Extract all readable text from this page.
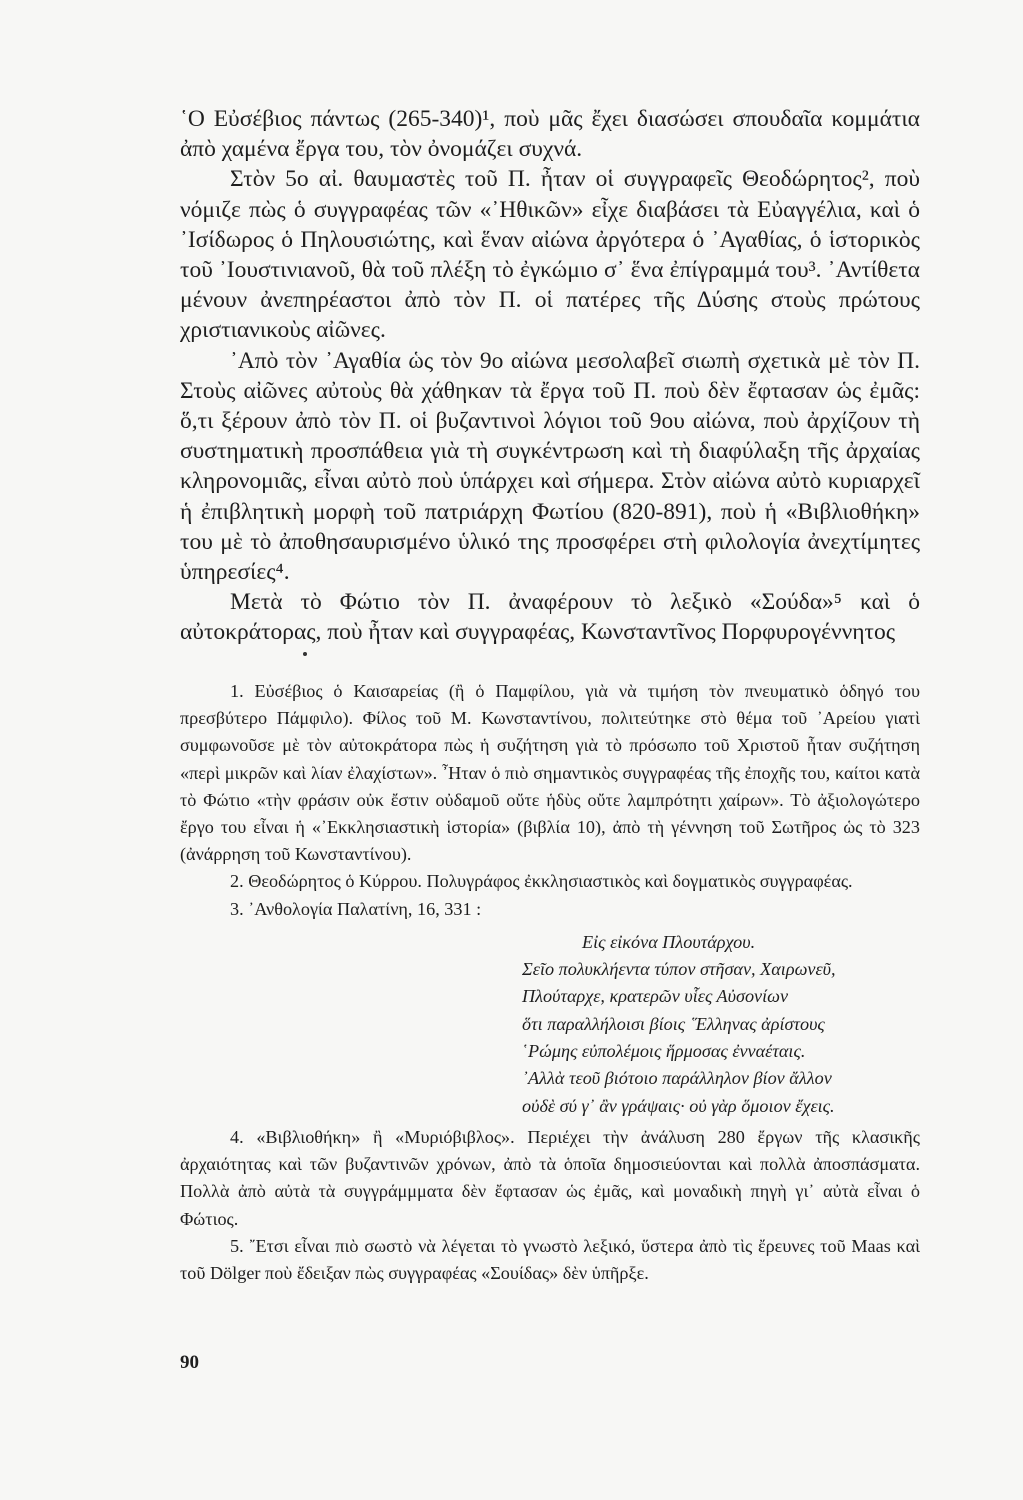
῾Ο Εὐσέβιος πάντως (265-340)¹, ποὺ μᾶς ἔχει διασώσει σπουδαῖα κομμάτια ἀπὸ χαμένα ἔργα του, τὸν ὀνομάζει συχνά.

Στὸν 5ο αἰ. θαυμαστὲς τοῦ Π. ἦταν οἱ συγγραφεῖς Θεοδώρητος², ποὺ νόμιζε πὼς ὁ συγγραφέας τῶν «᾿Ηθικῶν» εἶχε διαβάσει τὰ Εὐαγγέλια, καὶ ὁ ᾿Ισίδωρος ὁ Πηλουσιώτης, καὶ ἕναν αἰώνα ἀργότερα ὁ ᾿Αγαθίας, ὁ ἱστορικὸς τοῦ ᾿Ιουστινιανοῦ, θὰ τοῦ πλέξη τὸ ἐγκώμιο σ᾿ ἕνα ἐπίγραμμά του³. ᾿Αντίθετα μένουν ἀνεπηρέαστοι ἀπὸ τὸν Π. οἱ πατέρες τῆς Δύσης στοὺς πρώτους χριστιανικοὺς αἰῶνες.

᾿Απὸ τὸν ᾿Αγαθία ὡς τὸν 9ο αἰώνα μεσολαβεῖ σιωπὴ σχετικὰ μὲ τὸν Π. Στοὺς αἰῶνες αὐτοὺς θὰ χάθηκαν τὰ ἔργα τοῦ Π. ποὺ δὲν ἔφτασαν ὡς ἐμᾶς: ὅ,τι ξέρουν ἀπὸ τὸν Π. οἱ βυζαντινοὶ λόγιοι τοῦ 9ου αἰώνα, ποὺ ἀρχίζουν τὴ συστηματικὴ προσπάθεια γιὰ τὴ συγκέντρωση καὶ τὴ διαφύλαξη τῆς ἀρχαίας κληρονομιᾶς, εἶναι αὐτὸ ποὺ ὑπάρχει καὶ σήμερα. Στὸν αἰώνα αὐτὸ κυριαρχεῖ ἡ ἐπιβλητικὴ μορφὴ τοῦ πατριάρχη Φωτίου (820-891), ποὺ ἡ «Βιβλιοθήκη» του μὲ τὸ ἀποθησαυρισμένο ὑλικό της προσφέρει στὴ φιλολογία ἀνεχτίμητες ὑπηρεσίες⁴.

Μετὰ τὸ Φώτιο τὸν Π. ἀναφέρουν τὸ λεξικὸ «Σούδα»⁵ καὶ ὁ αὐτοκράτορας, ποὺ ἦταν καὶ συγγραφέας, Κωνσταντῖνος Πορφυρογέννητος

1. Εὐσέβιος ὁ Καισαρείας (ἢ ὁ Παμφίλου, γιὰ νὰ τιμήση τὸν πνευματικὸ ὁδηγό του πρεσβύτερο Πάμφιλο). Φίλος τοῦ Μ. Κωνσταντίνου, πολιτεύτηκε στὸ θέμα τοῦ ᾿Αρείου γιατὶ συμφωνοῦσε μὲ τὸν αὐτοκράτορα πὼς ἡ συζήτηση γιὰ τὸ πρόσωπο τοῦ Χριστοῦ ἦταν συζήτηση «περὶ μικρῶν καὶ λίαν ἐλαχίστων». ῏Ηταν ὁ πιὸ σημαντικὸς συγγραφέας τῆς ἐποχῆς του, καίτοι κατὰ τὸ Φώτιο «τὴν φράσιν οὐκ ἔστιν οὐδαμοῦ οὔτε ἡδὺς οὔτε λαμπρότητι χαίρων». Τὸ ἀξιολογώτερο ἔργο του εἶναι ἡ «᾿Εκκλησιαστικὴ ἱστορία» (βιβλία 10), ἀπὸ τὴ γέννηση τοῦ Σωτῆρος ὡς τὸ 323 (ἀνάρρηση τοῦ Κωνσταντίνου).

2. Θεοδώρητος ὁ Κύρρου. Πολυγράφος ἐκκλησιαστικὸς καὶ δογματικὸς συγγραφέας.

3. ᾿Ανθολογία Παλατίνη, 16, 331 :

Εἰς εἰκόνα Πλουτάρχου.
Σεῖο πολυκλήεντα τύπον στῆσαν, Χαιρωνεῦ,
Πλούταρχε, κρατερῶν υἷες Αὐσονίων
ὅτι παραλλήλοισι βίοις ῞Ελληνας ἀρίστους
῾Ρώμης εὐπολέμοις ἥρμοσας ἐνναέταις.
᾿Αλλὰ τεοῦ βιότοιο παράλληλον βίον ἄλλον
οὐδὲ σύ γ᾿ ἂν γράψαις· οὐ γὰρ ὅμοιον ἔχεις.

4. «Βιβλιοθήκη» ἢ «Μυριόβιβλος». Περιέχει τὴν ἀνάλυση 280 ἔργων τῆς κλασικῆς ἀρχαιότητας καὶ τῶν βυζαντινῶν χρόνων, ἀπὸ τὰ ὁποῖα δημοσιεύονται καὶ πολλὰ ἀποσπάσματα. Πολλὰ ἀπὸ αὐτὰ τὰ συγγράμμματα δὲν ἔφτασαν ὡς ἐμᾶς, καὶ μοναδικὴ πηγὴ γι᾿ αὐτὰ εἶναι ὁ Φώτιος.

5. ῎Ετσι εἶναι πιὸ σωστὸ νὰ λέγεται τὸ γνωστὸ λεξικό, ὕστερα ἀπὸ τὶς ἔρευνες τοῦ Maas καὶ τοῦ Dölger ποὺ ἔδειξαν πὼς συγγραφέας «Σουίδας» δὲν ὑπῆρξε.

90
